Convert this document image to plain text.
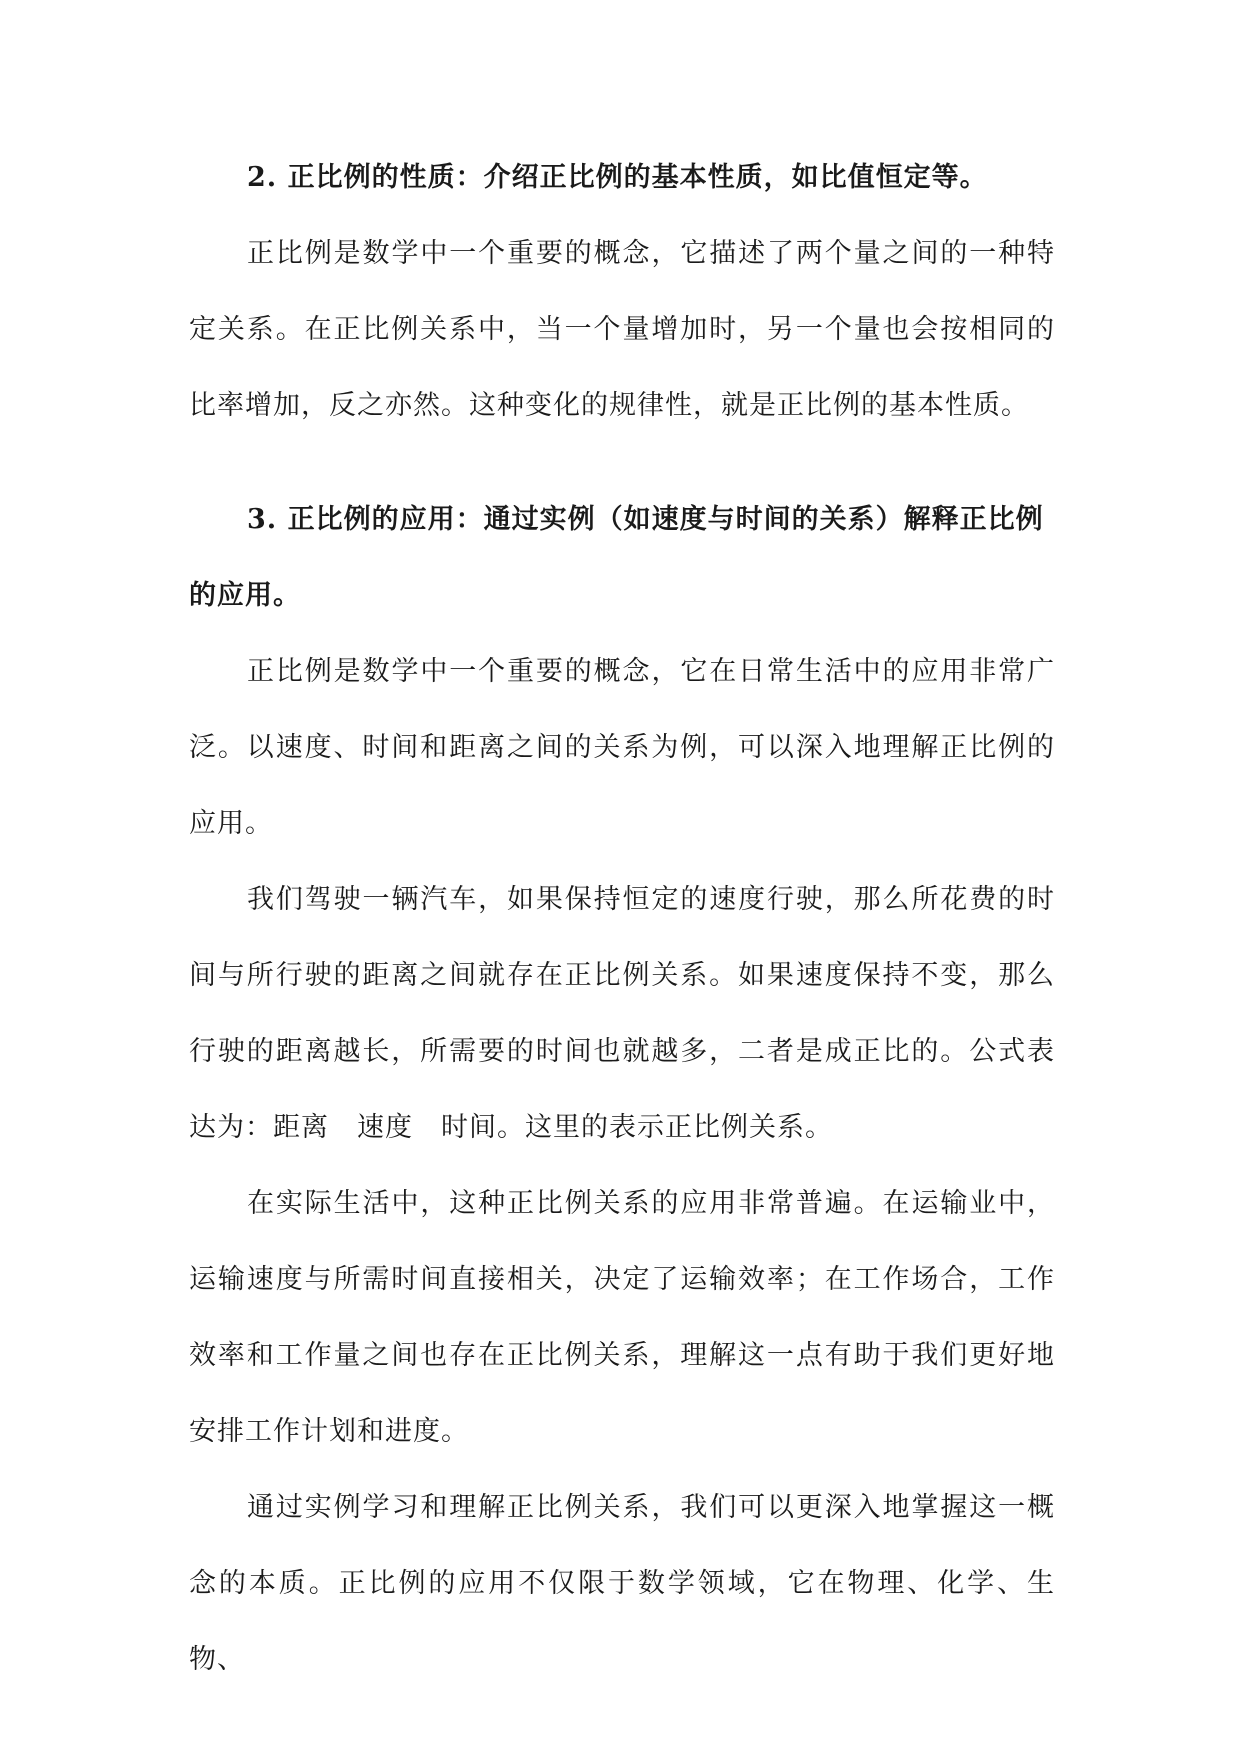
2. 正比例的性质：介绍正比例的基本性质，如比值恒定等。

正比例是数学中一个重要的概念，它描述了两个量之间的一种特定关系。在正比例关系中，当一个量增加时，另一个量也会按相同的比率增加，反之亦然。这种变化的规律性，就是正比例的基本性质。

3. 正比例的应用：通过实例（如速度与时间的关系）解释正比例的应用。

正比例是数学中一个重要的概念，它在日常生活中的应用非常广泛。以速度、时间和距离之间的关系为例，可以深入地理解正比例的应用。

我们驾驶一辆汽车，如果保持恒定的速度行驶，那么所花费的时间与所行驶的距离之间就存在正比例关系。如果速度保持不变，那么行驶的距离越长，所需要的时间也就越多，二者是成正比的。公式表达为：距离　速度　时间。这里的表示正比例关系。

在实际生活中，这种正比例关系的应用非常普遍。在运输业中，运输速度与所需时间直接相关，决定了运输效率；在工作场合，工作效率和工作量之间也存在正比例关系，理解这一点有助于我们更好地安排工作计划和进度。

通过实例学习和理解正比例关系，我们可以更深入地掌握这一概念的本质。正比例的应用不仅限于数学领域，它在物理、化学、生物、
